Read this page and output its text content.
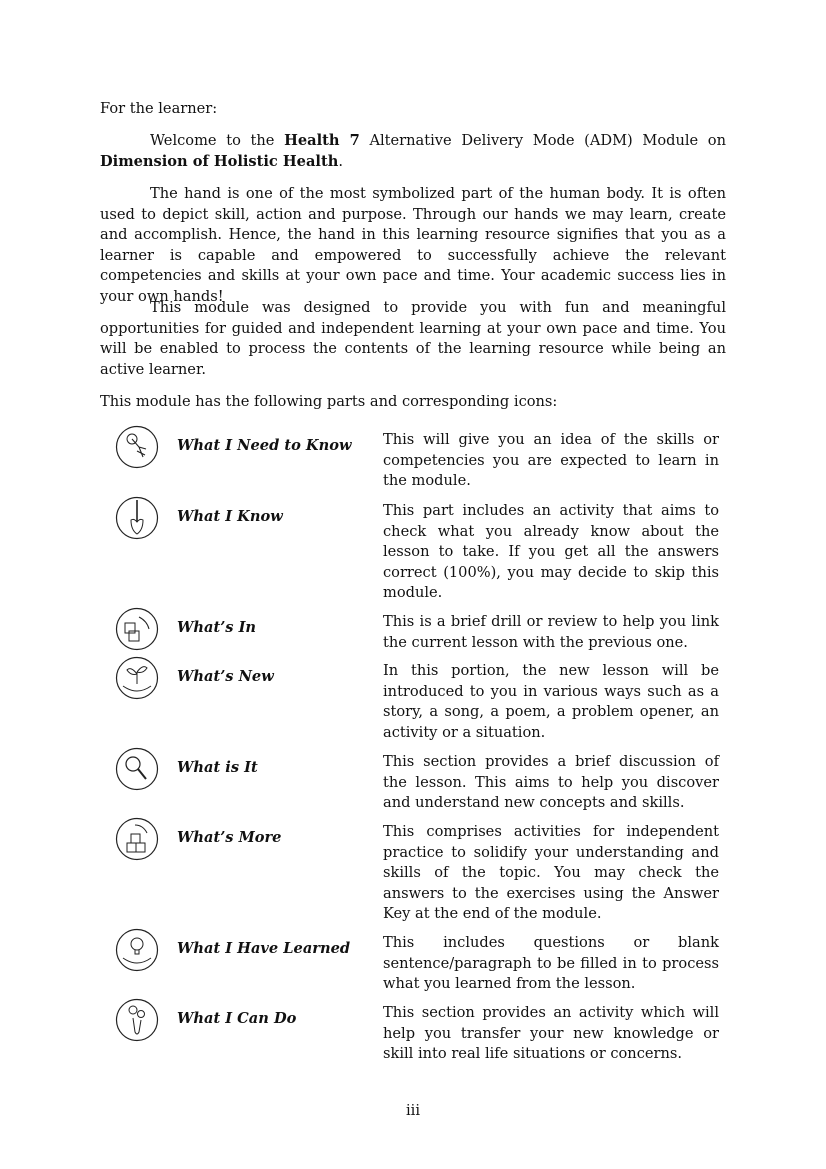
For the learner:

Welcome to the Health 7 Alternative Delivery Mode (ADM) Module on Dimension of Holistic Health.

The hand is one of the most symbolized part of the human body. It is often used to depict skill, action and purpose. Through our hands we may learn, create and accomplish. Hence, the hand in this learning resource signifies that you as a learner is capable and empowered to successfully achieve the relevant competencies and skills at your own pace and time. Your academic success lies in your own hands!

This module was designed to provide you with fun and meaningful opportunities for guided and independent learning at your own pace and time. You will be enabled to process the contents of the learning resource while being an active learner.

This module has the following parts and corresponding icons:

What I Need to Know	This will give you an idea of the skills or competencies you are expected to learn in the module.
What I Know	This part includes an activity that aims to check what you already know about the lesson to take. If you get all the answers correct (100%), you may decide to skip this module.
What’s In	This is a brief drill or review to help you link the current lesson with the previous one.
What’s New	In this portion, the new lesson will be introduced to you in various ways such as a story, a song, a poem, a problem opener, an activity or a situation.
What is It	This section provides a brief discussion of the lesson. This aims to help you discover and understand new concepts and skills.
What’s More	This comprises activities for independent practice to solidify your understanding and skills of the topic. You may check the answers to the exercises using the Answer Key at the end of the module.
What I Have Learned	This includes questions or blank sentence/paragraph to be filled in to process what you learned from the lesson.
What I Can Do	This section provides an activity which will help you transfer your new knowledge or skill into real life situations or concerns.
iii
